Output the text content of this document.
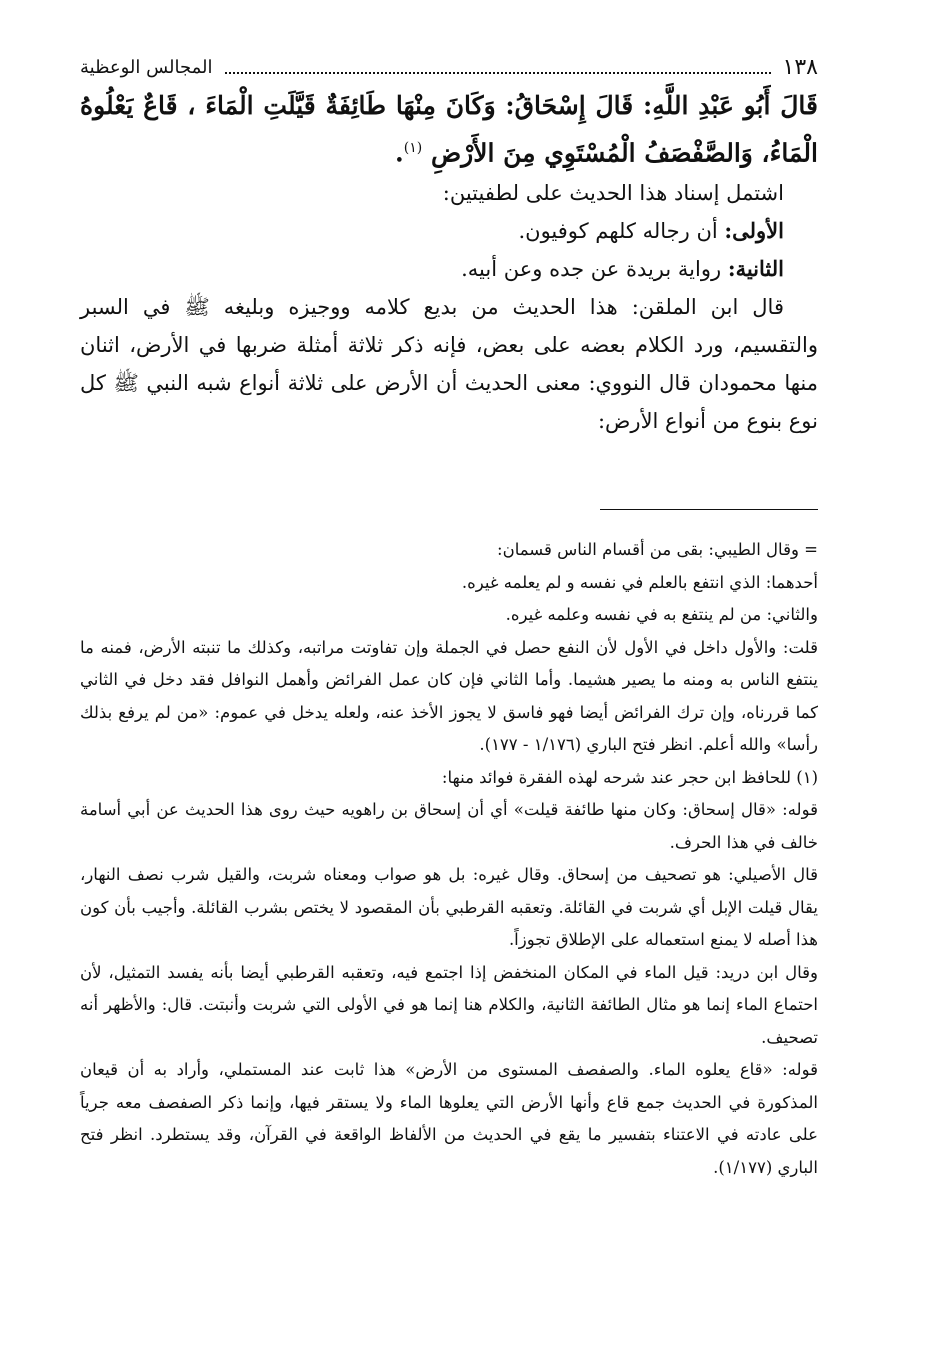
١٣٨
المجالس الوعظية

قَالَ أَبُو عَبْدِ اللَّهِ: قَالَ إِسْحَاقُ: وَكَانَ مِنْهَا طَائِفَةٌ قَيَّلَتِ الْمَاءَ ، قَاعٌ يَعْلُوهُ الْمَاءُ، وَالصَّفْصَفُ الْمُسْتَوِي مِنَ الأَرْضِ $^{(١)}$.

اشتمل إسناد هذا الحديث على لطفيتين:

الأولى: أن رجاله كلهم كوفيون.

الثانية: رواية بريدة عن جده وعن أبيه.

قال ابن الملقن: هذا الحديث من بديع كلامه ووجيزه وبليغه ﷺ في السبر والتقسيم، ورد الكلام بعضه على بعض، فإنه ذكر ثلاثة أمثلة ضربها في الأرض، اثنان منها محمودان قال النووي: معنى الحديث أن الأرض على ثلاثة أنواع شبه النبي ﷺ كل نوع بنوع من أنواع الأرض:

= وقال الطيبي: بقى من أقسام الناس قسمان:

أحدهما: الذي انتفع بالعلم في نفسه و لم يعلمه غيره.

والثاني: من لم ينتفع به في نفسه وعلمه غيره.

قلت: والأول داخل في الأول لأن النفع حصل في الجملة وإن تفاوتت مراتبه، وكذلك ما تنبته الأرض، فمنه ما ينتفع الناس به ومنه ما يصير هشيما. وأما الثاني فإن كان عمل الفرائض وأهمل النوافل فقد دخل في الثاني كما قررناه، وإن ترك الفرائض أيضا فهو فاسق لا يجوز الأخذ عنه، ولعله يدخل في عموم: «من لم يرفع بذلك رأسا» والله أعلم. انظر فتح الباري (١/١٧٦ - ١٧٧).

(١) للحافظ ابن حجر عند شرحه لهذه الفقرة فوائد منها:

قوله: «قال إسحاق: وكان منها طائفة قيلت» أي أن إسحاق بن راهويه حيث روى هذا الحديث عن أبي أسامة خالف في هذا الحرف.

قال الأصيلي: هو تصحيف من إسحاق. وقال غيره: بل هو صواب ومعناه شربت، والقيل شرب نصف النهار، يقال قيلت الإبل أي شربت في القائلة. وتعقبه القرطبي بأن المقصود لا يختص بشرب القائلة. وأجيب بأن كون هذا أصله لا يمنع استعماله على الإطلاق تجوزاً.

وقال ابن دريد: قيل الماء في المكان المنخفض إذا اجتمع فيه، وتعقبه القرطبي أيضا بأنه يفسد التمثيل، لأن احتماع الماء إنما هو مثال الطائفة الثانية، والكلام هنا إنما هو في الأولى التي شربت وأنبتت. قال: والأظهر أنه تصحيف.

قوله: «قاع يعلوه الماء. والصفصف المستوى من الأرض» هذا ثابت عند المستملي، وأراد به أن قيعان المذكورة في الحديث جمع قاع وأنها الأرض التي يعلوها الماء ولا يستقر فيها، وإنما ذكر الصفصف معه جرياً على عادته في الاعتناء بتفسير ما يقع في الحديث من الألفاظ الواقعة في القرآن، وقد يستطرد. انظر فتح الباري (١/١٧٧).
